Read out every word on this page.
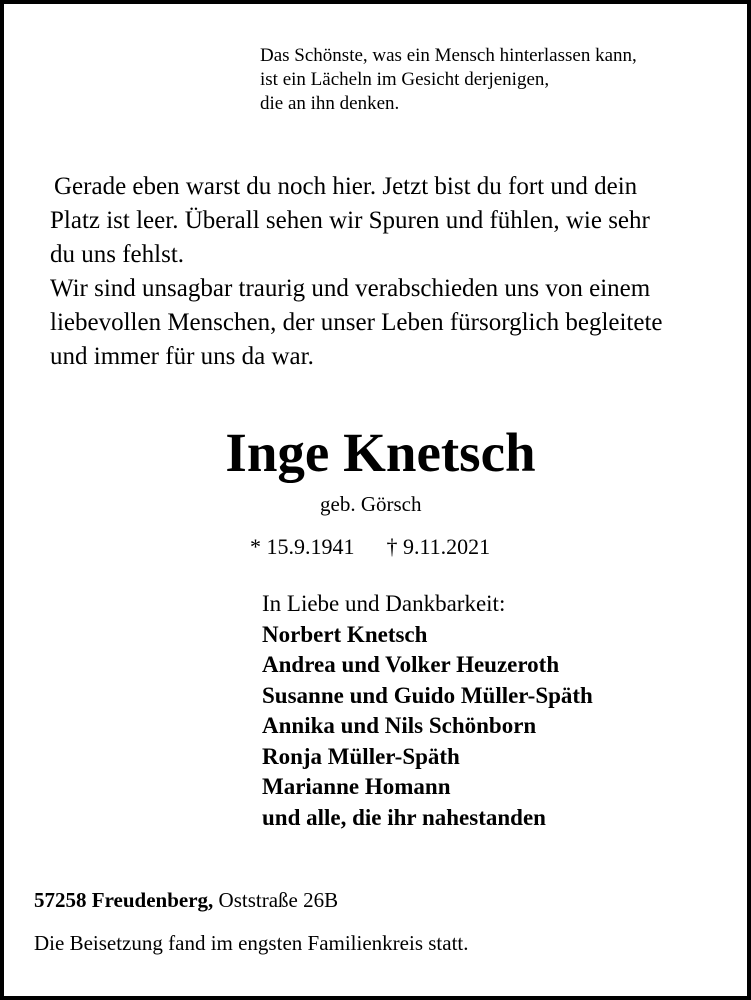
Das Schönste, was ein Mensch hinterlassen kann,
ist ein Lächeln im Gesicht derjenigen,
die an ihn denken.
Gerade eben warst du noch hier. Jetzt bist du fort und dein
Platz ist leer. Überall sehen wir Spuren und fühlen, wie sehr
du uns fehlst.
Wir sind unsagbar traurig und verabschieden uns von einem
liebevollen Menschen, der unser Leben fürsorglich begleitete
und immer für uns da war.
Inge Knetsch
geb. Görsch
* 15.9.1941 † 9.11.2021
In Liebe und Dankbarkeit:
Norbert Knetsch
Andrea und Volker Heuzeroth
Susanne und Guido Müller-Späth
Annika und Nils Schönborn
Ronja Müller-Späth
Marianne Homann
und alle, die ihr nahestanden
57258 Freudenberg, Oststraße 26B
Die Beisetzung fand im engsten Familienkreis statt.
